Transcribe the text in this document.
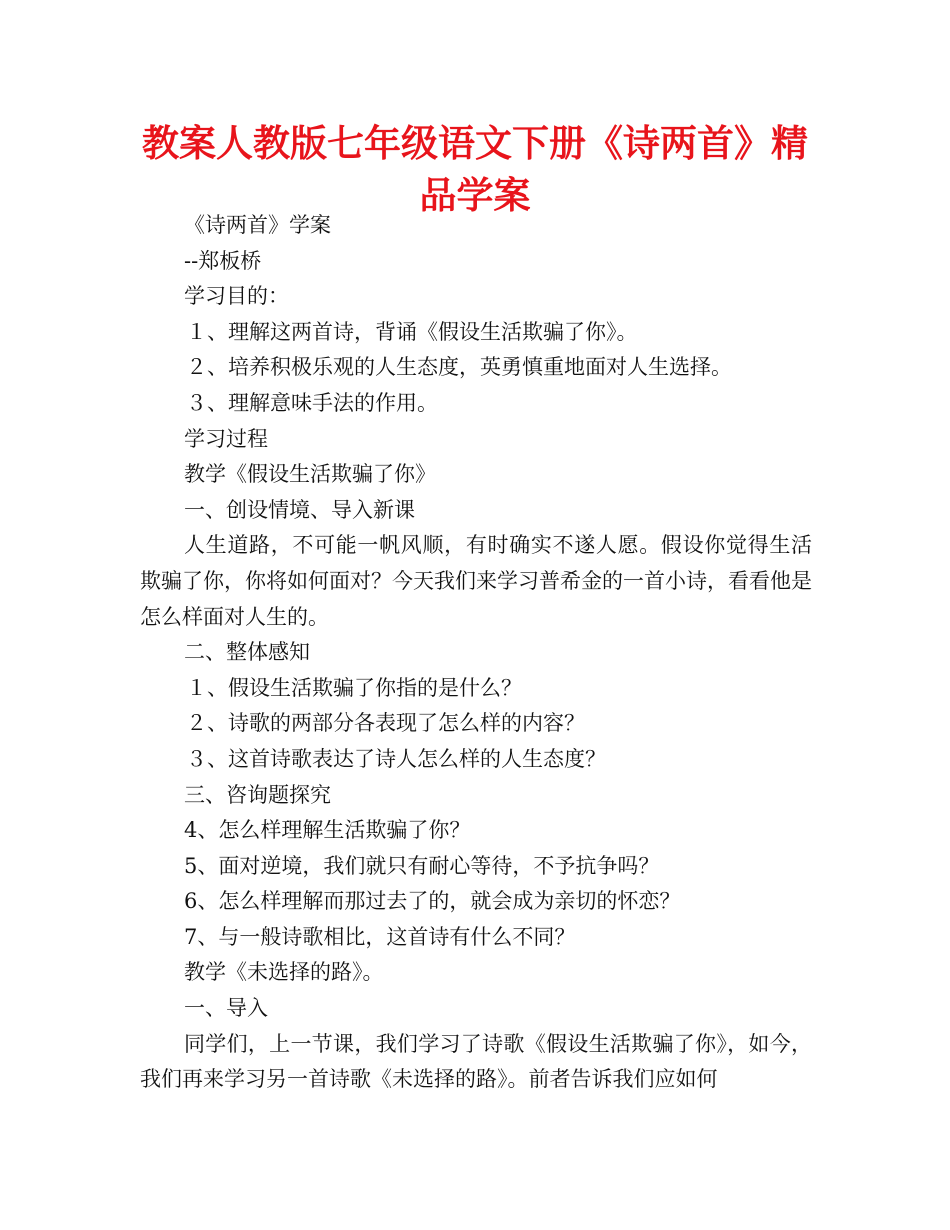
教案人教版七年级语文下册《诗两首》精品学案
《诗两首》学案
--郑板桥
学习目的：
１、理解这两首诗，背诵《假设生活欺骗了你》。
２、培养积极乐观的人生态度，英勇慎重地面对人生选择。
３、理解意味手法的作用。
学习过程
教学《假设生活欺骗了你》
一、创设情境、导入新课
人生道路，不可能一帆风顺，有时确实不遂人愿。假设你觉得生活欺骗了你，你将如何面对？今天我们来学习普希金的一首小诗，看看他是怎么样面对人生的。
二、整体感知
１、假设生活欺骗了你指的是什么？
２、诗歌的两部分各表现了怎么样的内容？
３、这首诗歌表达了诗人怎么样的人生态度？
三、咨询题探究
4、怎么样理解生活欺骗了你？
5、面对逆境，我们就只有耐心等待，不予抗争吗？
6、怎么样理解而那过去了的，就会成为亲切的怀恋？
7、与一般诗歌相比，这首诗有什么不同？
教学《未选择的路》。
一、导入
同学们，上一节课，我们学习了诗歌《假设生活欺骗了你》，如今，我们再来学习另一首诗歌《未选择的路》。前者告诉我们应如何
